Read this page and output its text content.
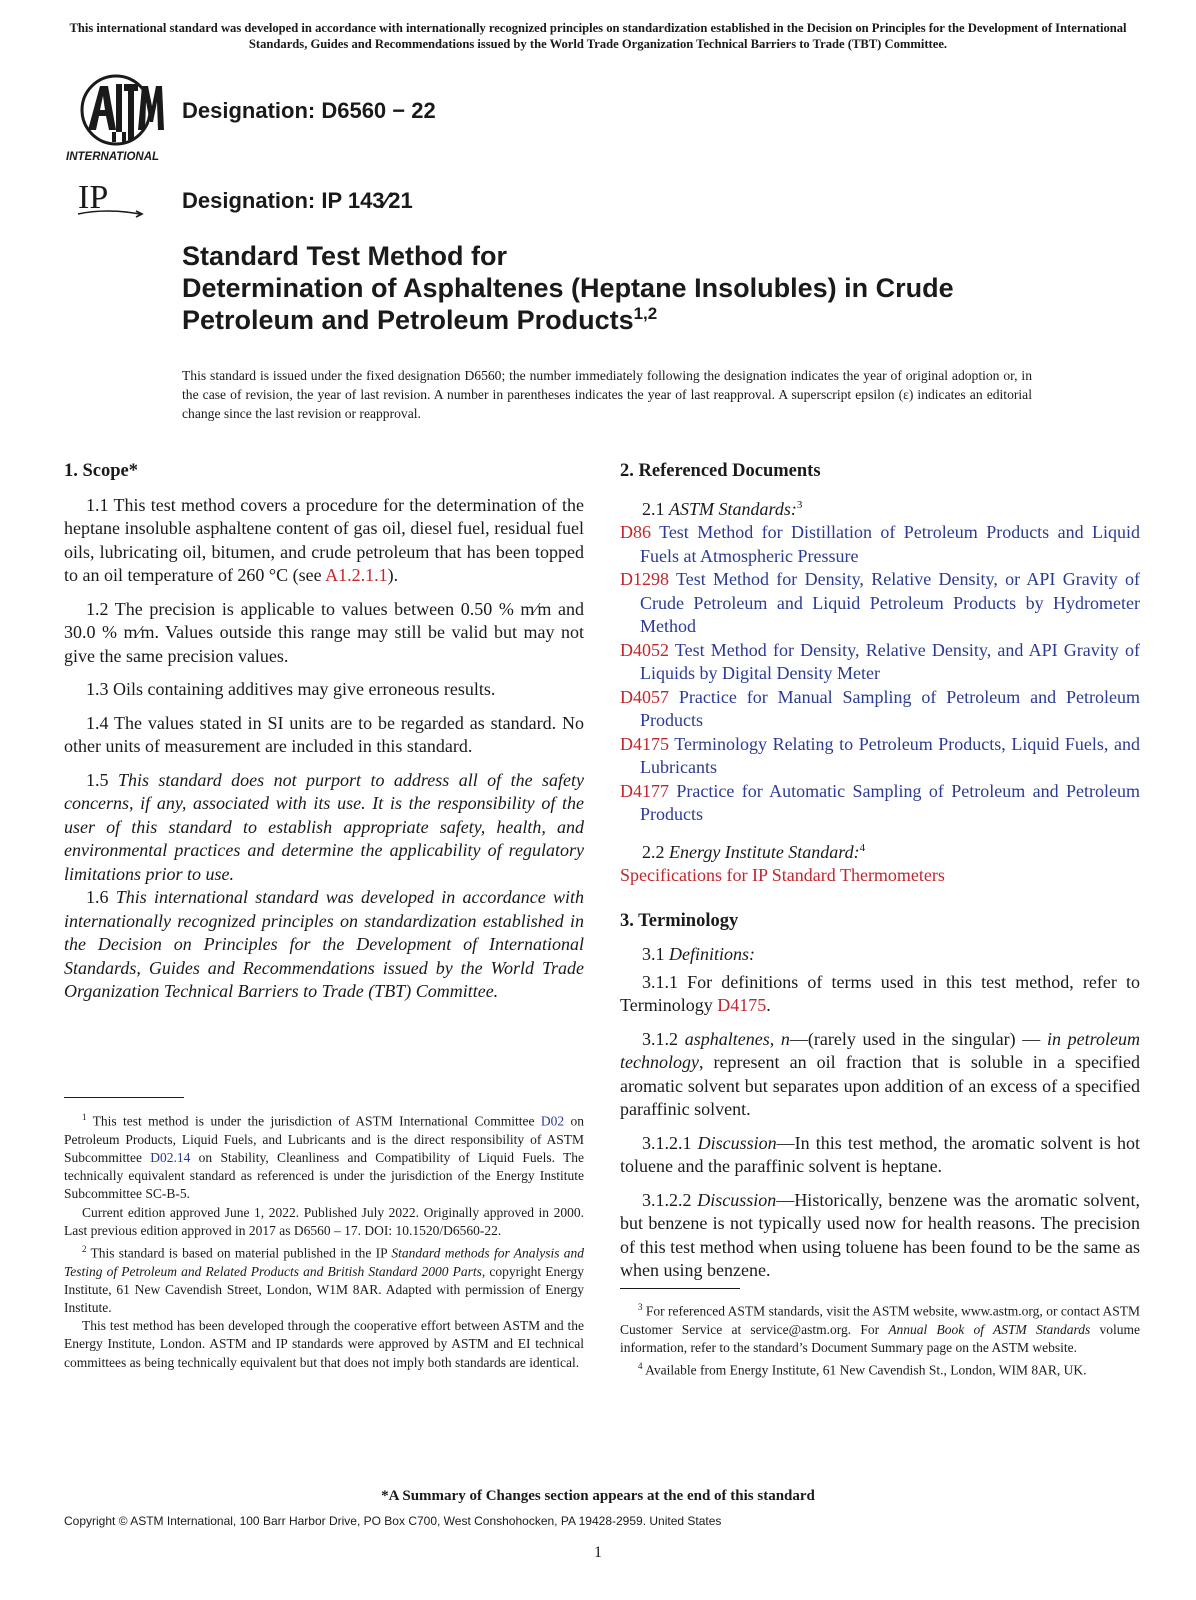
This international standard was developed in accordance with internationally recognized principles on standardization established in the Decision on Principles for the Development of International Standards, Guides and Recommendations issued by the World Trade Organization Technical Barriers to Trade (TBT) Committee.
INTERNATIONAL
Designation: D6560 − 22
IP	Designation: IP 143⁄21
Standard Test Method for
Determination of Asphaltenes (Heptane Insolubles) in Crude
Petroleum and Petroleum Products$^{1,2}$
This standard is issued under the fixed designation D6560; the number immediately following the designation indicates the year of original adoption or, in the case of revision, the year of last revision. A number in parentheses indicates the year of last reapproval. A superscript epsilon (ε) indicates an editorial change since the last revision or reapproval.
1. Scope*

1.1 This test method covers a procedure for the determination of the heptane insoluble asphaltene content of gas oil, diesel fuel, residual fuel oils, lubricating oil, bitumen, and crude petroleum that has been topped to an oil temperature of 260 °C (see A1.2.1.1).

1.2 The precision is applicable to values between 0.50 % m⁄m and 30.0 % m⁄m. Values outside this range may still be valid but may not give the same precision values.

1.3 Oils containing additives may give erroneous results.

1.4 The values stated in SI units are to be regarded as standard. No other units of measurement are included in this standard.

1.5 This standard does not purport to address all of the safety concerns, if any, associated with its use. It is the responsibility of the user of this standard to establish appropriate safety, health, and environmental practices and determine the applicability of regulatory limitations prior to use.

1.6 This international standard was developed in accordance with internationally recognized principles on standardization established in the Decision on Principles for the Development of International Standards, Guides and Recommendations issued by the World Trade Organization Technical Barriers to Trade (TBT) Committee.

$^1$ This test method is under the jurisdiction of ASTM International Committee D02 on Petroleum Products, Liquid Fuels, and Lubricants and is the direct responsibility of ASTM Subcommittee D02.14 on Stability, Cleanliness and Compatibility of Liquid Fuels. The technically equivalent standard as referenced is under the jurisdiction of the Energy Institute Subcommittee SC-B-5.

Current edition approved June 1, 2022. Published July 2022. Originally approved in 2000. Last previous edition approved in 2017 as D6560 – 17. DOI: 10.1520/D6560-22.

$^2$ This standard is based on material published in the IP Standard methods for Analysis and Testing of Petroleum and Related Products and British Standard 2000 Parts, copyright Energy Institute, 61 New Cavendish Street, London, W1M 8AR. Adapted with permission of Energy Institute.

This test method has been developed through the cooperative effort between ASTM and the Energy Institute, London. ASTM and IP standards were approved by ASTM and EI technical committees as being technically equivalent but that does not imply both standards are identical.

2. Referenced Documents

2.1 ASTM Standards:$^3$

D86 Test Method for Distillation of Petroleum Products and Liquid Fuels at Atmospheric Pressure

D1298 Test Method for Density, Relative Density, or API Gravity of Crude Petroleum and Liquid Petroleum Products by Hydrometer Method

D4052 Test Method for Density, Relative Density, and API Gravity of Liquids by Digital Density Meter

D4057 Practice for Manual Sampling of Petroleum and Petroleum Products

D4175 Terminology Relating to Petroleum Products, Liquid Fuels, and Lubricants

D4177 Practice for Automatic Sampling of Petroleum and Petroleum Products

2.2 Energy Institute Standard:$^4$

Specifications for IP Standard Thermometers

3. Terminology

3.1 Definitions:

3.1.1 For definitions of terms used in this test method, refer to Terminology D4175.

3.1.2 asphaltenes, n—(rarely used in the singular) — in petroleum technology, represent an oil fraction that is soluble in a specified aromatic solvent but separates upon addition of an excess of a specified paraffinic solvent.

3.1.2.1 Discussion—In this test method, the aromatic solvent is hot toluene and the paraffinic solvent is heptane.

3.1.2.2 Discussion—Historically, benzene was the aromatic solvent, but benzene is not typically used now for health reasons. The precision of this test method when using toluene has been found to be the same as when using benzene.

$^3$ For referenced ASTM standards, visit the ASTM website, www.astm.org, or contact ASTM Customer Service at service@astm.org. For Annual Book of ASTM Standards volume information, refer to the standard’s Document Summary page on the ASTM website.

$^4$ Available from Energy Institute, 61 New Cavendish St., London, WIM 8AR, UK.

*A Summary of Changes section appears at the end of this standard
Copyright © ASTM International, 100 Barr Harbor Drive, PO Box C700, West Conshohocken, PA 19428-2959. United States
1
